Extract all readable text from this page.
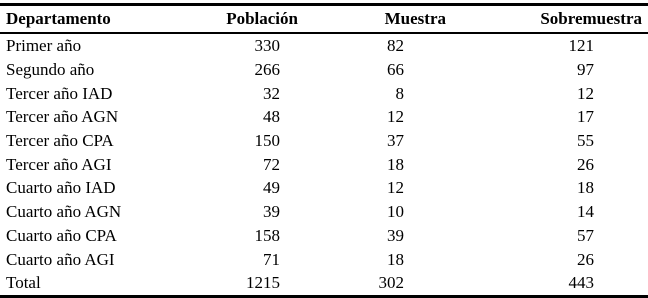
Departamento	Población	Muestra	Sobremuestra
Primer año	330	82	121
Segundo año	266	66	97
Tercer año IAD	32	8	12
Tercer año AGN	48	12	17
Tercer año CPA	150	37	55
Tercer año AGI	72	18	26
Cuarto año IAD	49	12	18
Cuarto año AGN	39	10	14
Cuarto año CPA	158	39	57
Cuarto año AGI	71	18	26
Total	1215	302	443
